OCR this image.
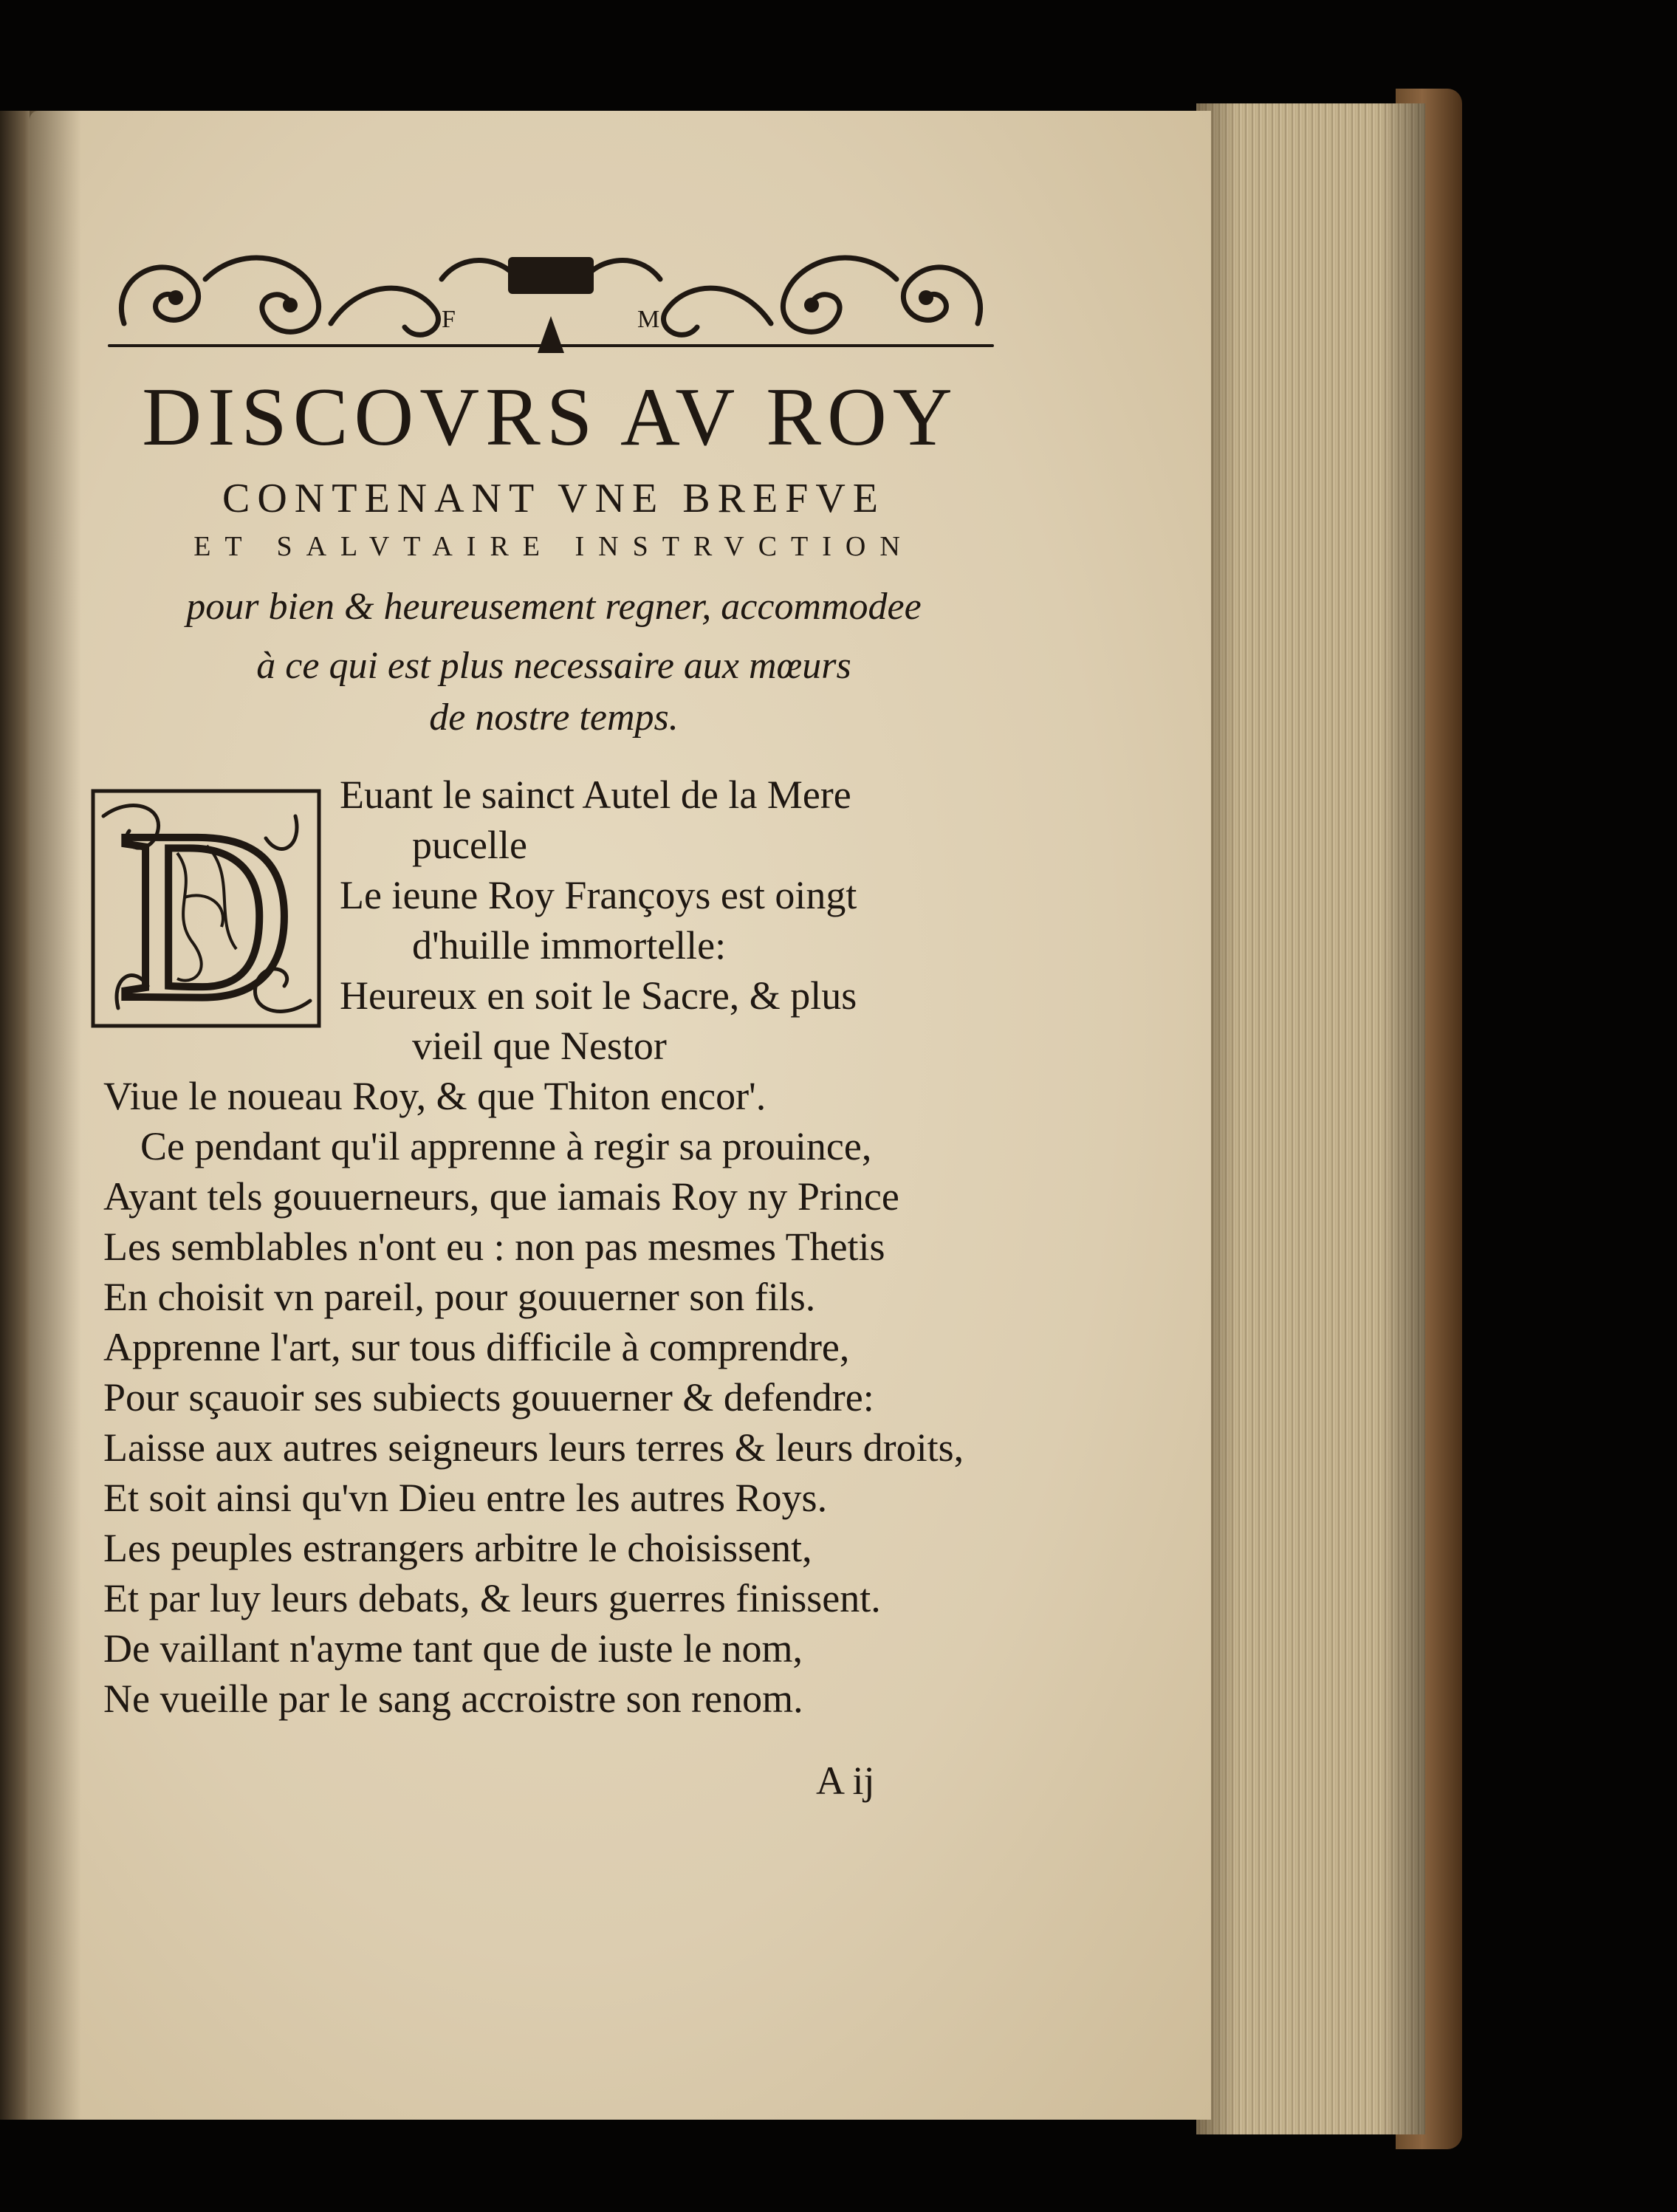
F	M
DISCOVRS AV ROY
CONTENANT VNE BREFVE
ET SALVTAIRE INSTRVCTION
pour bien & heureusement regner, accommodee
à ce qui est plus necessaire aux mœurs
de nostre temps.
D Euant le sainct Autel de la Mere
pucelle
Le ieune Roy Françoys est oingt
d'huille immortelle:
Heureux en soit le Sacre, & plus
vieil que Nestor
Viue le noueau Roy, & que Thiton encor'.
Ce pendant qu'il apprenne à regir sa prouince,
Ayant tels gouuerneurs, que iamais Roy ny Prince
Les semblables n'ont eu : non pas mesmes Thetis
En choisit vn pareil, pour gouuerner son fils.
Apprenne l'art, sur tous difficile à comprendre,
Pour sçauoir ses subiects gouuerner & defendre:
Laisse aux autres seigneurs leurs terres & leurs droits,
Et soit ainsi qu'vn Dieu entre les autres Roys.
Les peuples estrangers arbitre le choisissent,
Et par luy leurs debats, & leurs guerres finissent.
De vaillant n'ayme tant que de iuste le nom,
Ne vueille par le sang accroistre son renom.
A ij
